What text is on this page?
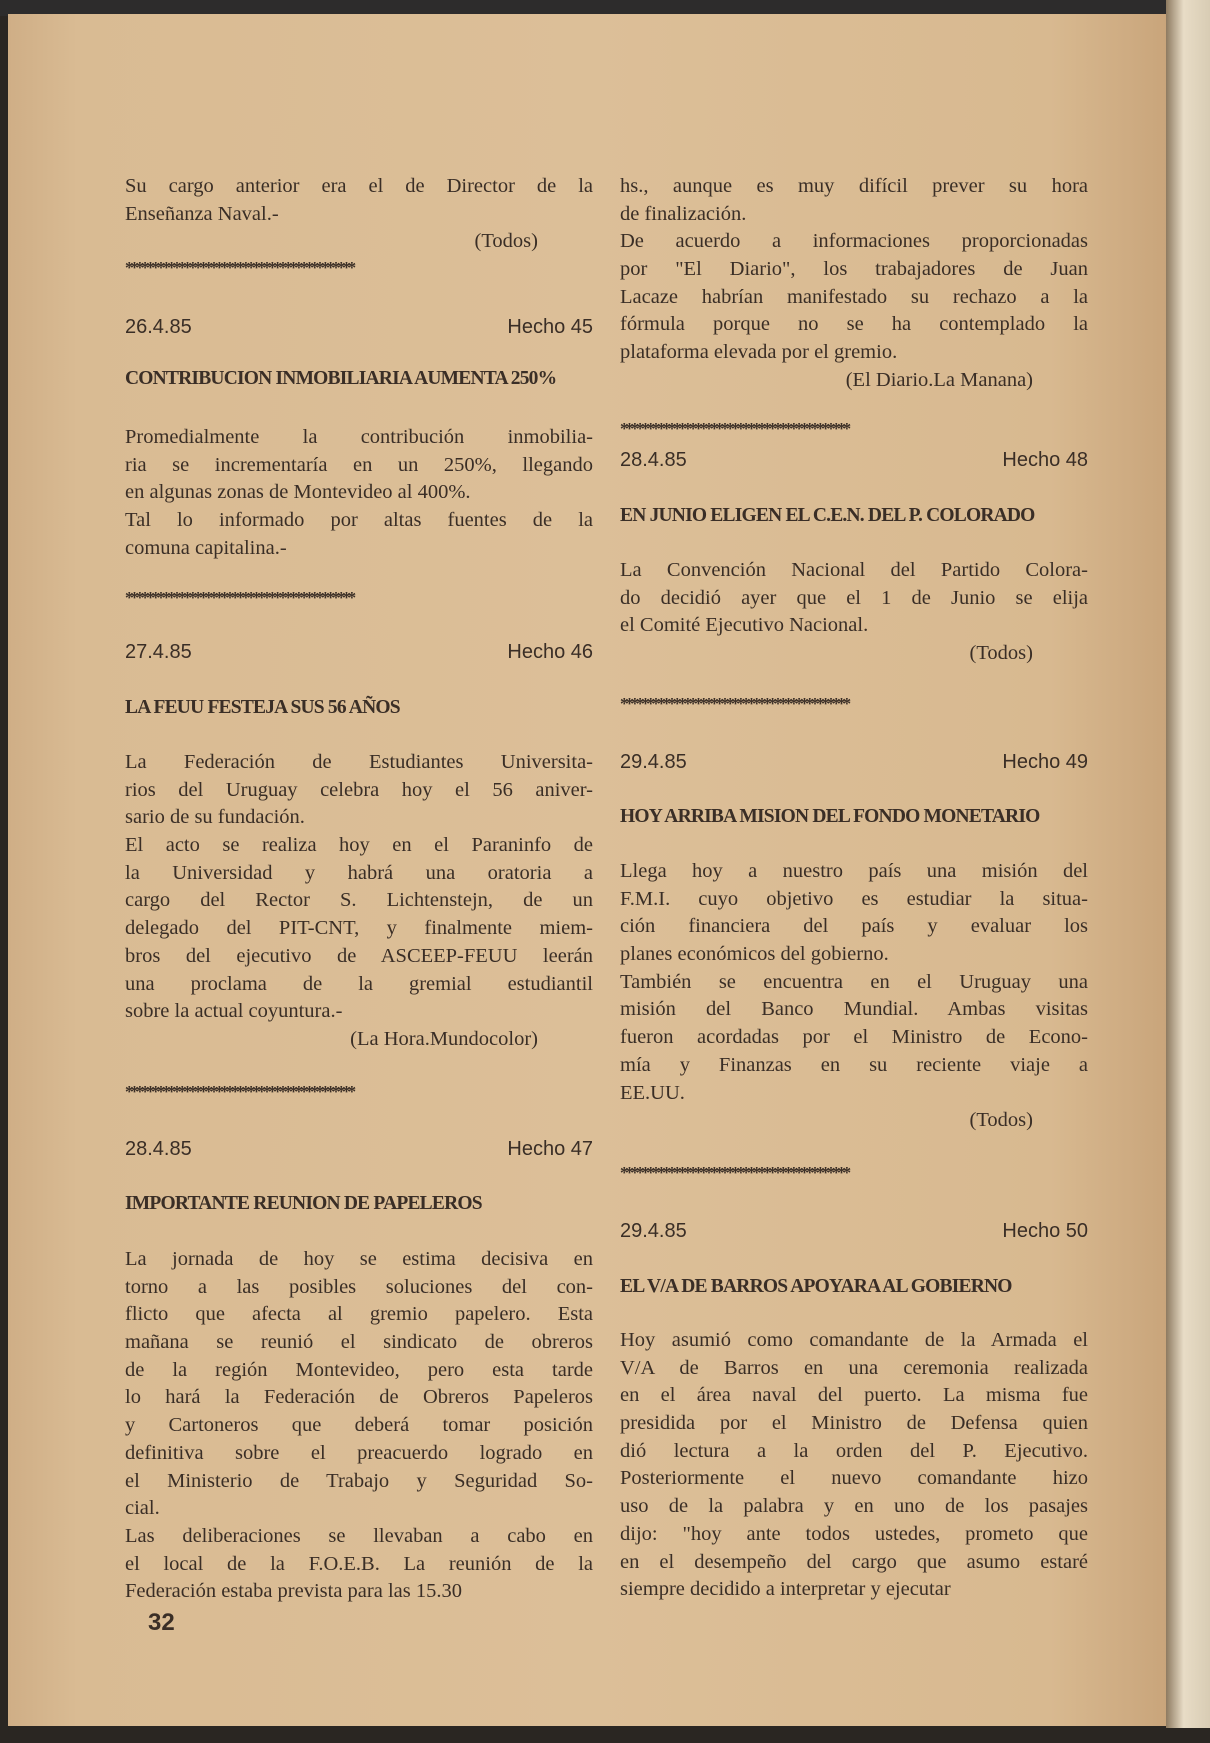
Su cargo anterior era el de Director de la
Enseñanza Naval.-
(Todos)
*******************************************
26.4.85	Hecho 45
CONTRIBUCION INMOBILIARIA AUMENTA 250%
Promedialmente la contribución inmobilia-
ria se incrementaría en un 250%, llegando
en algunas zonas de Montevideo al 400%.
Tal lo informado por altas fuentes de la
comuna capitalina.-
*******************************************
27.4.85	Hecho 46
LA FEUU FESTEJA SUS 56 AÑOS
La Federación de Estudiantes Universita-
rios del Uruguay celebra hoy el 56 aniver-
sario de su fundación.
El acto se realiza hoy en el Paraninfo de
la Universidad y habrá una oratoria a
cargo del Rector S. Lichtenstejn, de un
delegado del PIT-CNT, y finalmente miem-
bros del ejecutivo de ASCEEP-FEUU leerán
una proclama de la gremial estudiantil
sobre la actual coyuntura.-
(La Hora.Mundocolor)
*******************************************
28.4.85	Hecho 47
IMPORTANTE REUNION DE PAPELEROS
La jornada de hoy se estima decisiva en
torno a las posibles soluciones del con-
flicto que afecta al gremio papelero. Esta
mañana se reunió el sindicato de obreros
de la región Montevideo, pero esta tarde
lo hará la Federación de Obreros Papeleros
y Cartoneros que deberá tomar posición
definitiva sobre el preacuerdo logrado en
el Ministerio de Trabajo y Seguridad So-
cial.
Las deliberaciones se llevaban a cabo en
el local de la F.O.E.B. La reunión de la
Federación estaba prevista para las 15.30
hs., aunque es muy difícil prever su hora
de finalización.
De acuerdo a informaciones proporcionadas
por "El Diario", los trabajadores de Juan
Lacaze habrían manifestado su rechazo a la
fórmula porque no se ha contemplado la
plataforma elevada por el gremio.
(El Diario.La Manana)
*******************************************
28.4.85	Hecho 48
EN JUNIO ELIGEN EL C.E.N. DEL P. COLORADO
La Convención Nacional del Partido Colora-
do decidió ayer que el 1 de Junio se elija
el Comité Ejecutivo Nacional.
(Todos)
*******************************************
29.4.85	Hecho 49
HOY ARRIBA MISION DEL FONDO MONETARIO
Llega hoy a nuestro país una misión del
F.M.I. cuyo objetivo es estudiar la situa-
ción financiera del país y evaluar los
planes económicos del gobierno.
También se encuentra en el Uruguay una
misión del Banco Mundial. Ambas visitas
fueron acordadas por el Ministro de Econo-
mía y Finanzas en su reciente viaje a
EE.UU.
(Todos)
*******************************************
29.4.85	Hecho 50
EL V/A DE BARROS APOYARA AL GOBIERNO
Hoy asumió como comandante de la Armada el
V/A de Barros en una ceremonia realizada
en el área naval del puerto. La misma fue
presidida por el Ministro de Defensa quien
dió lectura a la orden del P. Ejecutivo.
Posteriormente el nuevo comandante hizo
uso de la palabra y en uno de los pasajes
dijo: "hoy ante todos ustedes, prometo que
en el desempeño del cargo que asumo estaré
siempre decidido a interpretar y ejecutar
32
